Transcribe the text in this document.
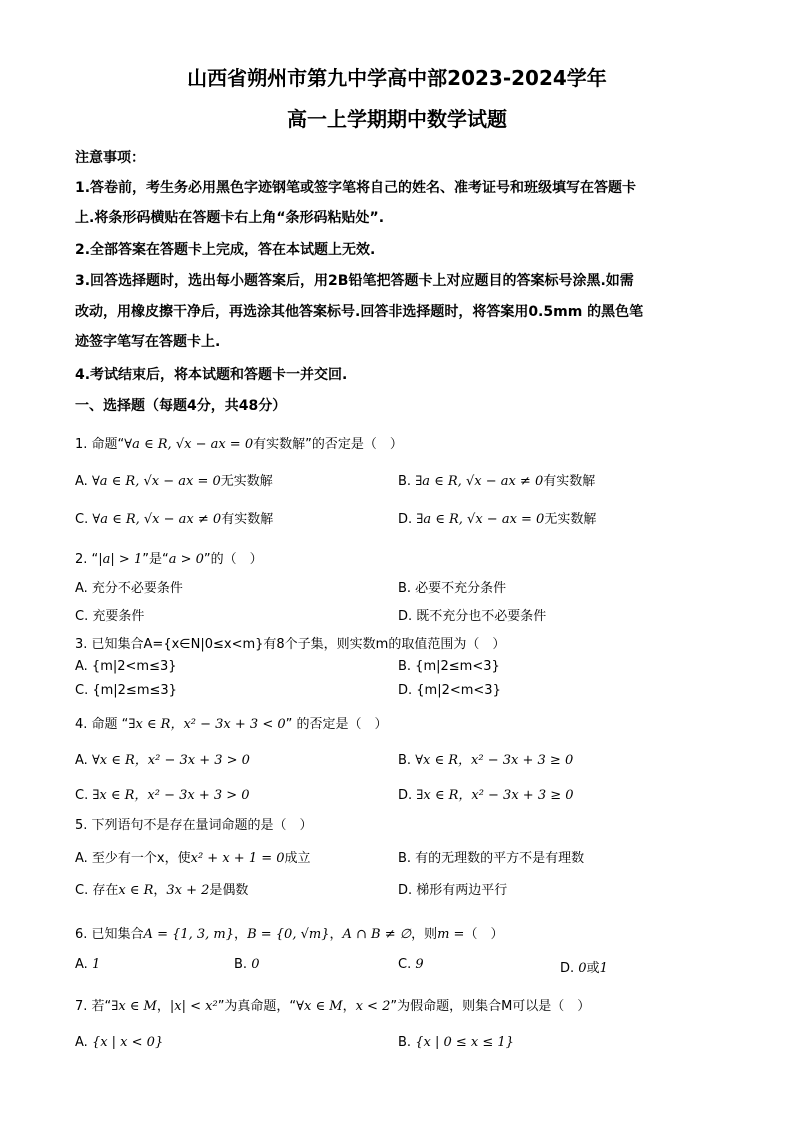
山西省朔州市第九中学高中部2023-2024学年
高一上学期期中数学试题
注意事项：
1.答卷前，考生务必用黑色字迹钢笔或签字笔将自己的姓名、准考证号和班级填写在答题卡
上.将条形码横贴在答题卡右上角“条形码粘贴处”.
2.全部答案在答题卡上完成，答在本试题上无效.
3.回答选择题时，选出每小题答案后，用2B铅笔把答题卡上对应题目的答案标号涂黑.如需
改动，用橡皮擦干净后，再选涂其他答案标号.回答非选择题时，将答案用0.5mm 的黑色笔
迹签字笔写在答题卡上.
4.考试结束后，将本试题和答题卡一并交回.
一、选择题（每题4分，共48分）
1. 命题“∀a ∈ R, √x − ax = 0有实数解”的否定是（　）
A. ∀a ∈ R, √x − ax = 0无实数解	B. ∃a ∈ R, √x − ax ≠ 0有实数解
C. ∀a ∈ R, √x − ax ≠ 0有实数解	D. ∃a ∈ R, √x − ax = 0无实数解
2. “|a| > 1”是“a > 0”的（　）
A. 充分不必要条件	B. 必要不充分条件
C. 充要条件	D. 既不充分也不必要条件
3. 已知集合A={x∈N|0≤x<m}有8个子集，则实数m的取值范围为（　）
A. {m|2<m≤3}	B. {m|2≤m<3}
C. {m|2≤m≤3}	D. {m|2<m<3}
4. 命题 “∃x ∈ R，x² − 3x + 3 < 0” 的否定是（　）
A. ∀x ∈ R，x² − 3x + 3 > 0	B. ∀x ∈ R，x² − 3x + 3 ≥ 0
C. ∃x ∈ R，x² − 3x + 3 > 0	D. ∃x ∈ R，x² − 3x + 3 ≥ 0
5. 下列语句不是存在量词命题的是（　）
A. 至少有一个x，使x² + x + 1 = 0成立	B. 有的无理数的平方不是有理数
C. 存在x ∈ R，3x + 2是偶数	D. 梯形有两边平行
6. 已知集合A = {1, 3, m}，B = {0, √m}，A ∩ B ≠ ∅，则m =（　）
A. 1	B. 0	C. 9	D. 0或1
7. 若“∃x ∈ M，|x| < x²”为真命题，“∀x ∈ M，x < 2”为假命题，则集合M可以是（　）
A. {x | x < 0}	B. {x | 0 ≤ x ≤ 1}
